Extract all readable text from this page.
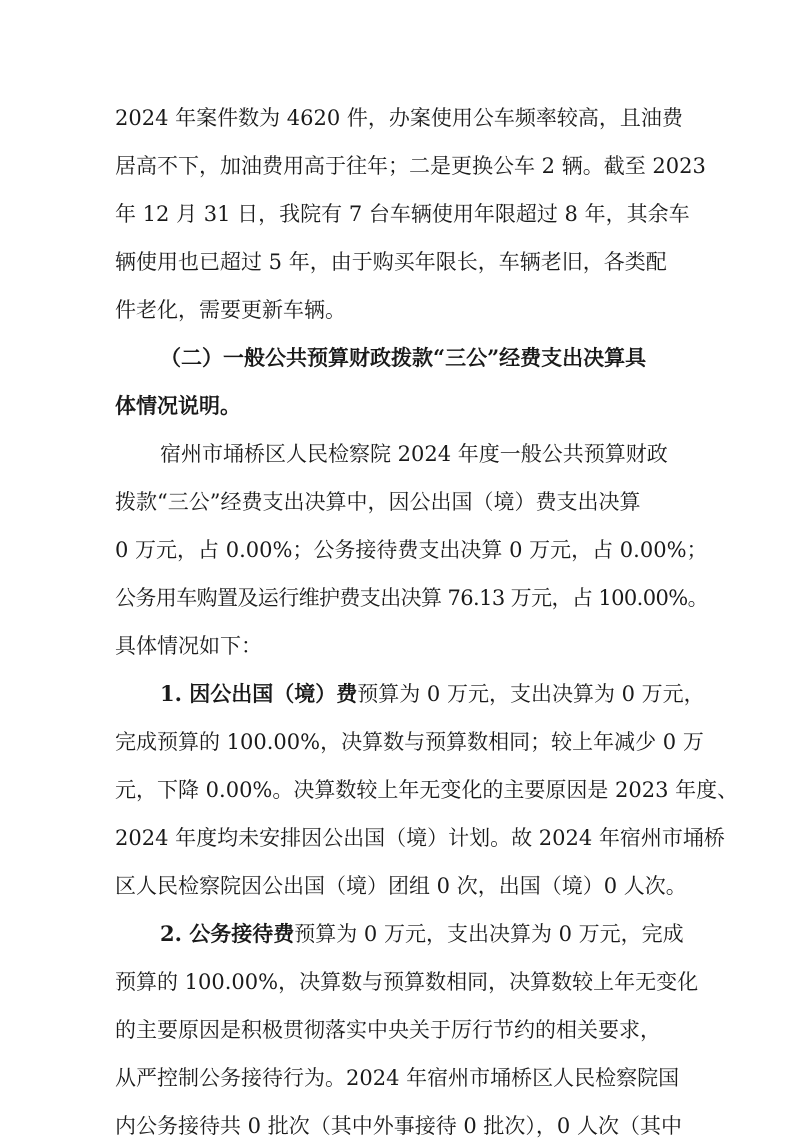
2024 年案件数为 4620 件，办案使用公车频率较高，且油费
居高不下，加油费用高于往年；二是更换公车 2 辆。截至 2023
年 12 月 31 日，我院有 7 台车辆使用年限超过 8 年，其余车
辆使用也已超过 5 年，由于购买年限长，车辆老旧，各类配
件老化，需要更新车辆。
（二）一般公共预算财政拨款“三公”经费支出决算具
体情况说明。
宿州市埇桥区人民检察院 2024 年度一般公共预算财政
拨款“三公”经费支出决算中，因公出国（境）费支出决算
0 万元，占 0.00%；公务接待费支出决算 0 万元，占 0.00%；
公务用车购置及运行维护费支出决算 76.13 万元，占 100.00%。
具体情况如下：
1. 因公出国（境）费预算为 0 万元，支出决算为 0 万元，
完成预算的 100.00%，决算数与预算数相同；较上年减少 0 万
元，下降 0.00%。决算数较上年无变化的主要原因是 2023 年度、
2024 年度均未安排因公出国（境）计划。故 2024 年宿州市埇桥
区人民检察院因公出国（境）团组 0 次，出国（境）0 人次。
2. 公务接待费预算为 0 万元，支出决算为 0 万元，完成
预算的 100.00%，决算数与预算数相同，决算数较上年无变化
的主要原因是积极贯彻落实中央关于厉行节约的相关要求，
从严控制公务接待行为。2024 年宿州市埇桥区人民检察院国
内公务接待共 0 批次（其中外事接待 0 批次），0 人次（其中
